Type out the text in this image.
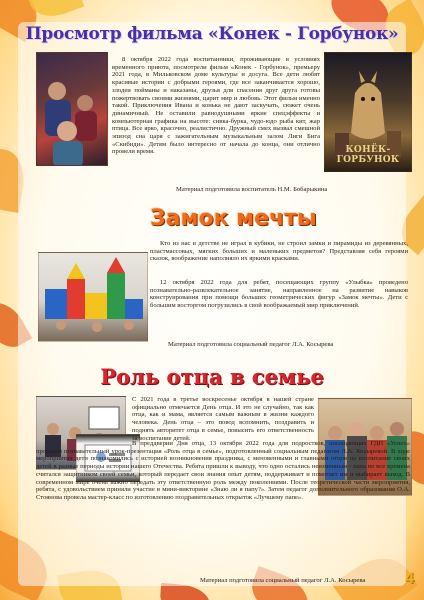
Просмотр фильма «Конек - Горбунок»
КОНЁК-ГОРБУНОК

8 октября 2022 года воспитанники, проживающие в условиях временного приюта, посмотрели фильм «Конек - Горбунок», премьеру 2021 года, в Мильковском доме культуры и досуга. Все дети любят красивые истории с добрыми героями, где все заканчивается хорошо, злодеи пойманы и наказаны, друзья для спасения друг друга готовы пожертвовать своими жизнями, царит мир и любовь. Этот фильм именно такой. Приключения Ивана и конька не дают заскучать, сюжет очень динамичный. Не оставили равнодушными яркие спецэффекты и компьютерная графика на высоте: сивка-бурка, чудо-юдо рыба кит, жар птица. Все ярко, красочно, реалистично. Дружный смех вызвал смешной эпизод сна царя с зажигательным музыкальным залом Лиги Бига «Скибиди». Детям было интересно от начала до конца, они отлично провели время.

Материал подготовила воспитатель Н.М. Бобарыкина
Замок мечты

Кто из нас в детстве не играл в кубики, не строил замки и пирамиды из деревянных, пластмассовых, мягких больших и маленьких предметов? Представляя себя героями сказок, воображение наполняло их яркими красками.

12 октября 2022 года для ребят, посещающих группу «Улыбка» проведено познавательно-развлекательное занятие, направленное на развитие навыков конструирования при помощи больших геометрических фигур «Замок мечты». Дети с большим восторгом погрузились в свой воображаемый мир приключений.

Материал подготовила социальный педагог Л.А. Косырева
Роль отца в семье

С 2021 года в третье воскресенье октября в нашей стране официально отмечается День отца. И это не случайно, так как отца, как и мама, является самым важным в жизни каждого человека. День отца – это повод вспомнить, поздравить и поднять авторитет отца в семье, повысить его ответственность за воспитание детей.

В преддверии Дня отца, 13 октября 2022 года для подростков, посещающих ГДП «Успех» проведен познавательный урок-презентация «Роль отца в семье», подготовленный социальным педагогом Л.А. Косыревой. В ходе мероприятия дети познакомились с историей возникновения праздника, с меновенными и главными отцов на воспитание своих детей в разные периоды истории нашего Отечества. Ребята пришли к выводу, что одно остались неизменным - папа во все времена считался защитником своей семьи, который передает свои знания опыт детям, поддерживает и помогает им и выбирает выход. В современном мире очень важно передать эту ответственную роль между поколениями. После теоретической части мероприятия, ребята, с удовольствием приняли участие в мини-викторине «Знаю ли я папу?». Затем педагог дополнительного образования О.А. Стоянова провела мастер-класс по изготовлению поздравительных открыток «Лучшему папе».

Материал подготовила социальный педагог Л.А. Косырева 4
